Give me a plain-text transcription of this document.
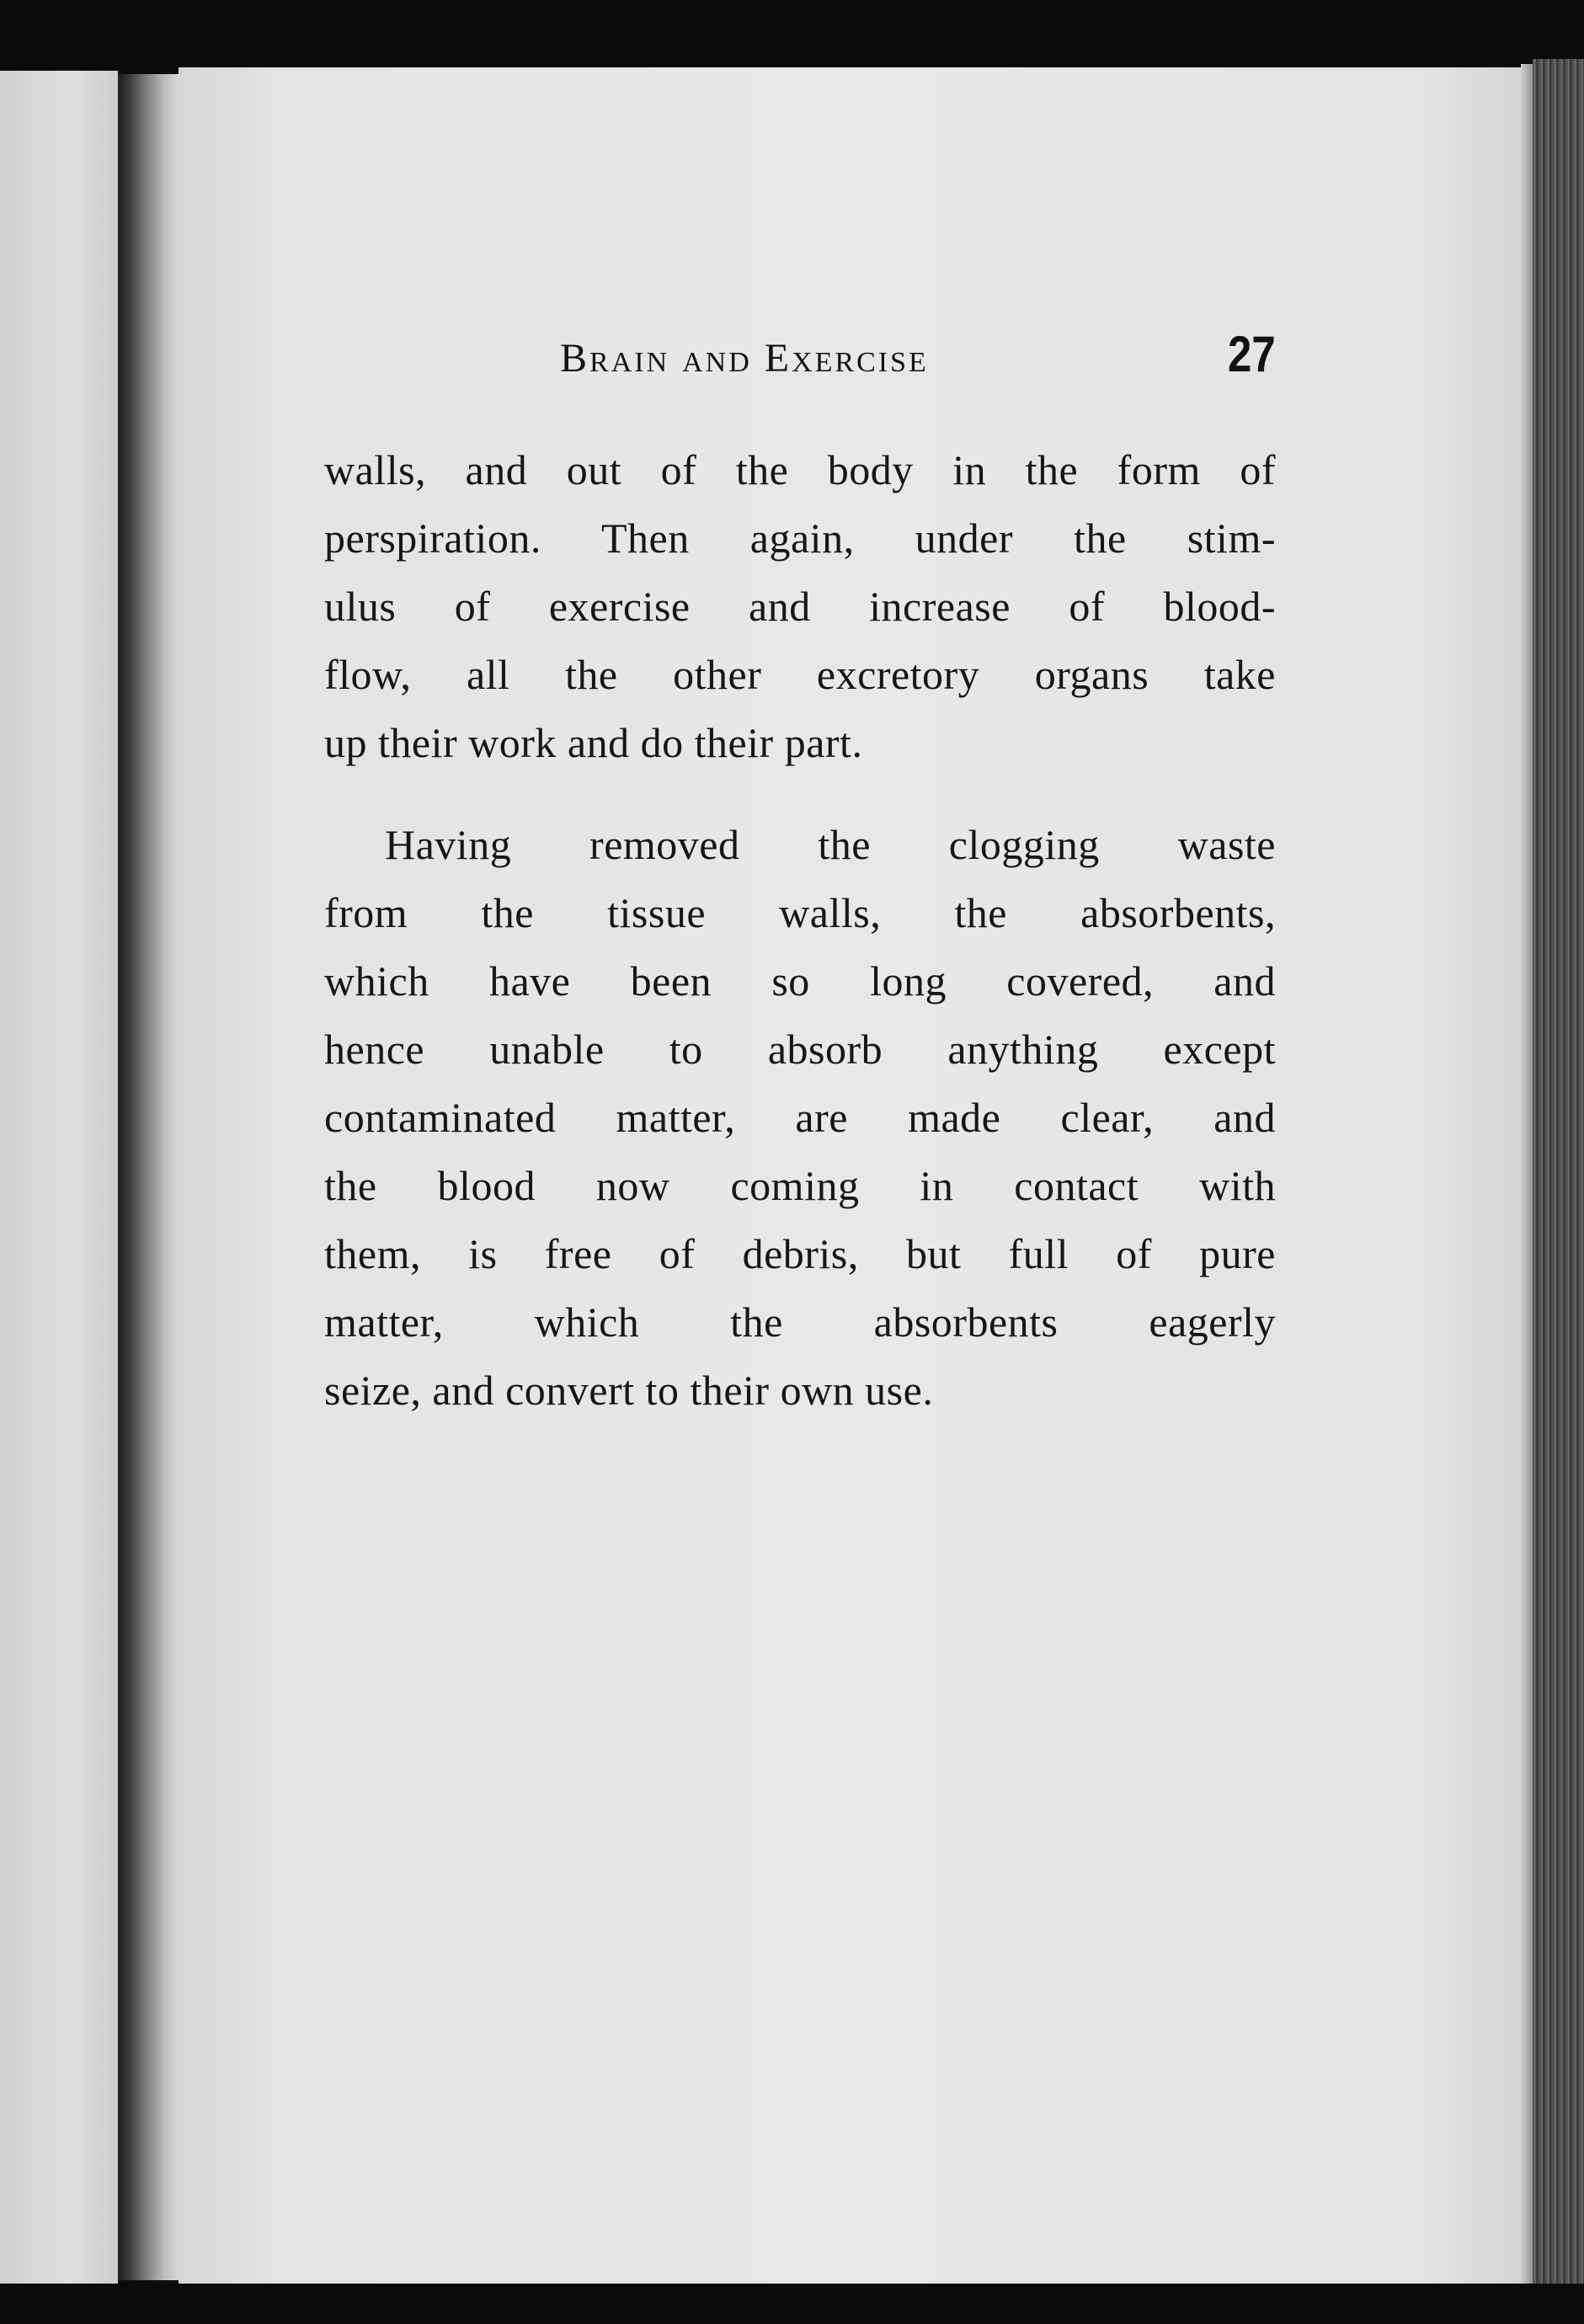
Brain and Exercise	27
walls, and out of the body in the form of
perspiration. Then again, under the stim-
ulus of exercise and increase of blood-
flow, all the other excretory organs take
up their work and do their part.
Having removed the clogging waste
from the tissue walls, the absorbents,
which have been so long covered, and
hence unable to absorb anything except
contaminated matter, are made clear, and
the blood now coming in contact with
them, is free of debris, but full of pure
matter, which the absorbents eagerly
seize, and convert to their own use.
